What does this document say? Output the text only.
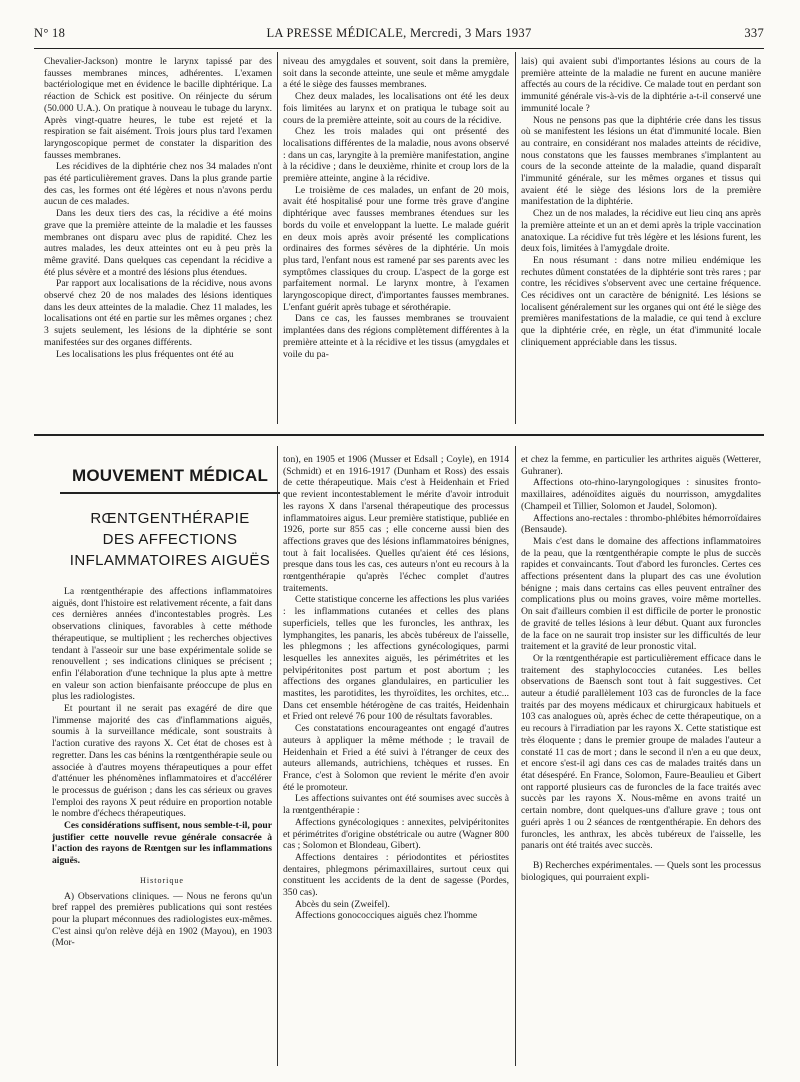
N° 18	LA PRESSE MÉDICALE, Mercredi, 3 Mars 1937	337

Chevalier-Jackson) montre le larynx tapissé par des fausses membranes minces, adhérentes. L'examen bactériologique met en évidence le bacille diphtérique. La réaction de Schick est positive. On réinjecte du sérum (50.000 U.A.). On pratique à nouveau le tubage du larynx. Après vingt-quatre heures, le tube est rejeté et la respiration se fait aisément. Trois jours plus tard l'examen laryngoscopique permet de constater la disparition des fausses membranes.

Les récidives de la diphtérie chez nos 34 malades n'ont pas été particulièrement graves. Dans la plus grande partie des cas, les formes ont été légères et nous n'avons perdu aucun de ces malades.

Dans les deux tiers des cas, la récidive a été moins grave que la première atteinte de la maladie et les fausses membranes ont disparu avec plus de rapidité. Chez les autres malades, les deux atteintes ont eu à peu près la même gravité. Dans quelques cas cependant la récidive a été plus sévère et a montré des lésions plus étendues.

Par rapport aux localisations de la récidive, nous avons observé chez 20 de nos malades des lésions identiques dans les deux atteintes de la maladie. Chez 11 malades, les localisations ont été en partie sur les mêmes organes ; chez 3 sujets seulement, les lésions de la diphtérie se sont manifestées sur des organes différents.

Les localisations les plus fréquentes ont été au

niveau des amygdales et souvent, soit dans la première, soit dans la seconde atteinte, une seule et même amygdale a été le siège des fausses membranes.

Chez deux malades, les localisations ont été les deux fois limitées au larynx et on pratiqua le tubage soit au cours de la première atteinte, soit au cours de la récidive.

Chez les trois malades qui ont présenté des localisations différentes de la maladie, nous avons observé : dans un cas, laryngite à la première manifestation, angine à la récidive ; dans le deuxième, rhinite et croup lors de la première atteinte, angine à la récidive.

Le troisième de ces malades, un enfant de 20 mois, avait été hospitalisé pour une forme très grave d'angine diphtérique avec fausses membranes étendues sur les bords du voile et enveloppant la luette. Le malade guérit en deux mois après avoir présenté les complications ordinaires des formes sévères de la diphtérie. Un mois plus tard, l'enfant nous est ramené par ses parents avec les symptômes classiques du croup. L'aspect de la gorge est parfaitement normal. Le larynx montre, à l'examen laryngoscopique direct, d'importantes fausses membranes. L'enfant guérit après tubage et sérothérapie.

Dans ce cas, les fausses membranes se trouvaient implantées dans des régions complètement différentes à la première atteinte et à la récidive et les tissus (amygdales et voile du pa-

lais) qui avaient subi d'importantes lésions au cours de la première atteinte de la maladie ne furent en aucune manière affectés au cours de la récidive. Ce malade tout en perdant son immunité générale vis-à-vis de la diphtérie a-t-il conservé une immunité locale ?

Nous ne pensons pas que la diphtérie crée dans les tissus où se manifestent les lésions un état d'immunité locale. Bien au contraire, en considérant nos malades atteints de récidive, nous constatons que les fausses membranes s'implantent au cours de la seconde atteinte de la maladie, quand disparaît l'immunité générale, sur les mêmes organes et tissus qui avaient été le siège des lésions lors de la première manifestation de la diphtérie.

Chez un de nos malades, la récidive eut lieu cinq ans après la première atteinte et un an et demi après la triple vaccination anatoxique. La récidive fut très légère et les lésions furent, les deux fois, limitées à l'amygdale droite.

En nous résumant : dans notre milieu endémique les rechutes dûment constatées de la diphtérie sont très rares ; par contre, les récidives s'observent avec une certaine fréquence. Ces récidives ont un caractère de bénignité. Les lésions se localisent généralement sur les organes qui ont été le siège des premières manifestations de la maladie, ce qui tend à exclure que la diphtérie crée, en règle, un état d'immunité locale cliniquement appréciable dans les tissus.

MOUVEMENT MÉDICAL
RŒNTGENTHÉRAPIE
DES AFFECTIONS
INFLAMMATOIRES AIGUËS

La rœntgenthérapie des affections inflammatoires aiguës, dont l'histoire est relativement récente, a fait dans ces dernières années d'incontestables progrès. Les observations cliniques, favorables à cette méthode thérapeutique, se multiplient ; les recherches objectives tendant à l'asseoir sur une base expérimentale solide se renouvellent ; ses indications cliniques se précisent ; enfin l'élaboration d'une technique la plus apte à mettre en valeur son action bienfaisante préoccupe de plus en plus les radiologistes.

Et pourtant il ne serait pas exagéré de dire que l'immense majorité des cas d'inflammations aiguës, soumis à la surveillance médicale, sont soustraits à l'action curative des rayons X. Cet état de choses est à regretter. Dans les cas bénins la rœntgenthérapie seule ou associée à d'autres moyens thérapeutiques a pour effet d'atténuer les phénomènes inflammatoires et d'accélérer le processus de guérison ; dans les cas sérieux ou graves l'emploi des rayons X peut réduire en proportion notable le nombre d'échecs thérapeutiques.

Ces considérations suffisent, nous semble-t-il, pour justifier cette nouvelle revue générale consacrée à l'action des rayons de Rœntgen sur les inflammations aiguës.

Historique

A) Observations cliniques. — Nous ne ferons qu'un bref rappel des premières publications qui sont restées pour la plupart méconnues des radiologistes eux-mêmes. C'est ainsi qu'on relève déjà en 1902 (Mayou), en 1903 (Mor-

ton), en 1905 et 1906 (Musser et Edsall ; Coyle), en 1914 (Schmidt) et en 1916-1917 (Dunham et Ross) des essais de cette thérapeutique. Mais c'est à Heidenhain et Fried que revient incontestablement le mérite d'avoir introduit les rayons X dans l'arsenal thérapeutique des processus inflammatoires aigus. Leur première statistique, publiée en 1926, porte sur 855 cas ; elle concerne aussi bien des affections graves que des lésions inflammatoires bénignes, tout à fait localisées. Quelles qu'aient été ces lésions, presque dans tous les cas, ces auteurs n'ont eu recours à la rœntgenthérapie qu'après l'échec complet d'autres traitements.

Cette statistique concerne les affections les plus variées : les inflammations cutanées et celles des plans superficiels, telles que les furoncles, les anthrax, les lymphangites, les panaris, les abcès tubéreux de l'aisselle, les phlegmons ; les affections gynécologiques, parmi lesquelles les annexites aiguës, les périmétrites et les pelvipéritonites post partum et post abortum ; les affections des organes glandulaires, en particulier les mastites, les parotidites, les thyroïdites, les orchites, etc... Dans cet ensemble hétérogène de cas traités, Heidenhain et Fried ont relevé 76 pour 100 de résultats favorables.

Ces constatations encourageantes ont engagé d'autres auteurs à appliquer la même méthode ; le travail de Heidenhain et Fried a été suivi à l'étranger de ceux des auteurs allemands, autrichiens, tchèques et russes. En France, c'est à Solomon que revient le mérite d'en avoir été le promoteur.

Les affections suivantes ont été soumises avec succès à la rœntgenthérapie :

Affections gynécologiques : annexites, pelvipéritonites et périmétrites d'origine obstétricale ou autre (Wagner 800 cas ; Solomon et Blondeau, Gibert).

Affections dentaires : périodontites et périostites dentaires, phlegmons périmaxillaires, surtout ceux qui constituent les accidents de la dent de sagesse (Pordes, 350 cas).

Abcès du sein (Zweifel).

Affections gonococciques aiguës chez l'homme

et chez la femme, en particulier les arthrites aiguës (Wetterer, Guhraner).

Affections oto-rhino-laryngologiques : sinusites fronto-maxillaires, adénoïdites aiguës du nourrisson, amygdalites (Champeil et Tillier, Solomon et Jaudel, Solomon).

Affections ano-rectales : thrombo-phlébites hémorroïdaires (Bensaude).

Mais c'est dans le domaine des affections inflammatoires de la peau, que la rœntgenthérapie compte le plus de succès rapides et convaincants. Tout d'abord les furoncles. Certes ces affections présentent dans la plupart des cas une évolution bénigne ; mais dans certains cas elles peuvent entraîner des complications plus ou moins graves, voire même mortelles. On sait d'ailleurs combien il est difficile de porter le pronostic de gravité de telles lésions à leur début. Quant aux furoncles de la face on ne saurait trop insister sur les difficultés de leur traitement et la gravité de leur pronostic vital.

Or la rœntgenthérapie est particulièrement efficace dans le traitement des staphylococcies cutanées. Les belles observations de Baensch sont tout à fait suggestives. Cet auteur a étudié parallèlement 103 cas de furoncles de la face traités par des moyens médicaux et chirurgicaux habituels et 103 cas analogues où, après échec de cette thérapeutique, on a eu recours à l'irradiation par les rayons X. Cette statistique est très éloquente ; dans le premier groupe de malades l'auteur a constaté 11 cas de mort ; dans le second il n'en a eu que deux, et encore s'est-il agi dans ces cas de malades traités dans un état désespéré. En France, Solomon, Faure-Beaulieu et Gibert ont rapporté plusieurs cas de furoncles de la face traités avec succès par les rayons X. Nous-même en avons traité un certain nombre, dont quelques-uns d'allure grave ; tous ont guéri après 1 ou 2 séances de rœntgenthérapie. En dehors des furoncles, les anthrax, les abcès tubéreux de l'aisselle, les panaris ont été traités avec succès.

B) Recherches expérimentales. — Quels sont les processus biologiques, qui pourraient expli-
